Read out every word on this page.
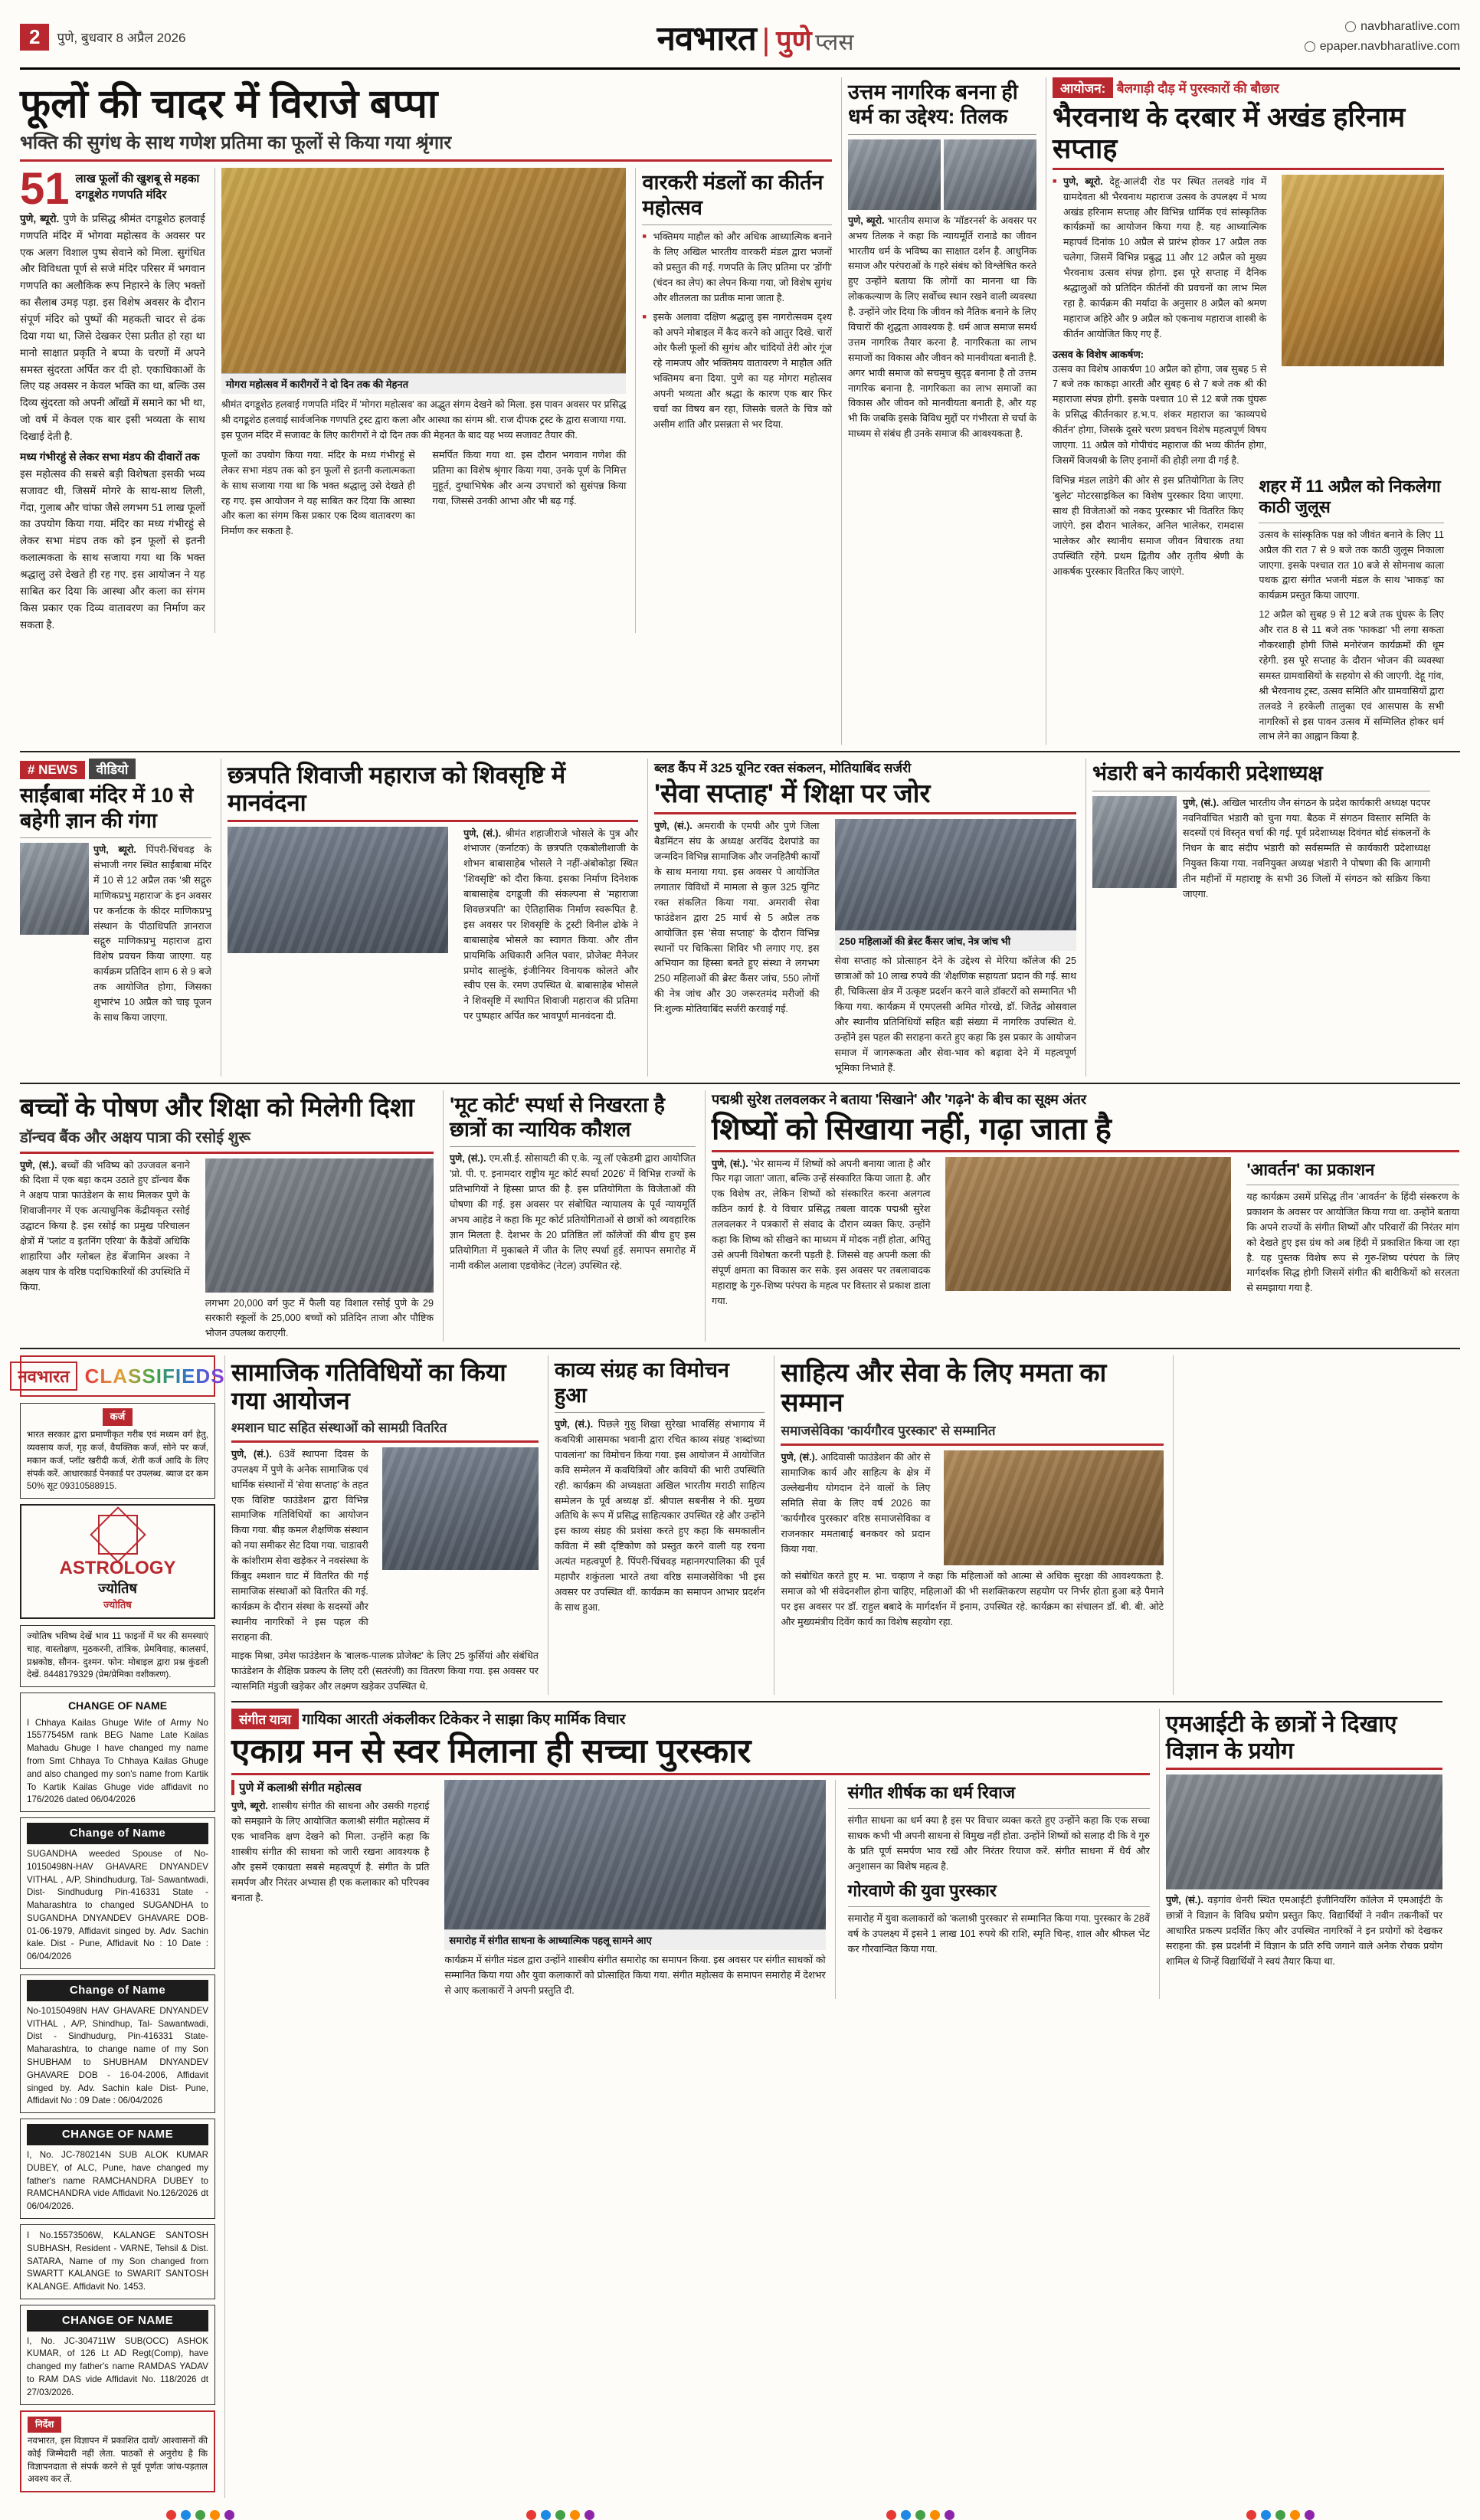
2	पुणे, बुधवार 8 अप्रैल 2026	नवभारत | पुणे प्लस
navbharatlive.com
epaper.navbharatlive.com
फूलों की चादर में विराजे बप्पा
भक्ति की सुगंध के साथ गणेश प्रतिमा का फूलों से किया गया श्रृंगार
51 लाख फूलों की खुशबू से महका दगडूशेठ गणपति मंदिर
पुणे, ब्यूरो. पुणे के प्रसिद्ध श्रीमंत दगडूशेठ हलवाई गणपति मंदिर में भोगवा महोत्सव के अवसर पर एक अलग विशाल पुष्प सेवाने को मिला. सुगंधित और विविधता पूर्ण से सजे मंदिर परिसर में भगवान गणपति का अलौकिक रूप निहारने के लिए भक्तों का सैलाब उमड़ पड़ा. इस विशेष अवसर के दौरान संपूर्ण मंदिर को पुष्पों की महकती चादर से ढंक दिया गया था, जिसे देखकर ऐसा प्रतीत हो रहा था मानो साक्षात प्रकृति ने बप्पा के चरणों में अपने समस्त सुंदरता अर्पित कर दी हो. एकाधिकाओं के लिए यह अवसर न केवल भक्ति का था, बल्कि उस दिव्य सुंदरता को अपनी आँखों में समाने का भी था, जो वर्ष में केवल एक बार इसी भव्यता के साथ दिखाई देती है.
मध्य गंभीरहुं से लेकर सभा मंडप की दीवारों तक
इस महोत्सव की सबसे बड़ी विशेषता इसकी भव्य सजावट थी, जिसमें मोगरे के साथ-साथ लिली, गेंदा, गुलाब और चांफा जैसे लगभग 51 लाख फूलों का उपयोग किया गया. मंदिर का मध्य गंभीरहुं से लेकर सभा मंडप तक को इन फूलों से इतनी कलात्मकता के साथ सजाया गया था कि भक्त श्रद्धालु उसे देखते ही रह गए. इस आयोजन ने यह साबित कर दिया कि आस्था और कला का संगम किस प्रकार एक दिव्य वातावरण का निर्माण कर सकता है.
मोगरा महोत्सव में कारीगरों ने दो दिन तक की मेहनत
श्रीमंत दगडूशेठ हलवाई गणपति मंदिर में 'मोगरा महोत्सव' का अद्भुत संगम देखने को मिला. इस पावन अवसर पर प्रसिद्ध श्री दगडूशेठ हलवाई सार्वजनिक गणपति ट्रस्ट द्वारा कला और आस्था का संगम श्री. राज दीपक ट्रस्ट के द्वारा सजाया गया. इस पूजन मंदिर में सजावट के लिए कारीगरों ने दो दिन तक की मेहनत के बाद यह भव्य सजावट तैयार की.
फूलों का उपयोग किया गया. मंदिर के मध्य गंभीरहुं से लेकर सभा मंडप तक को इन फूलों से इतनी कलात्मकता के साथ सजाया गया था कि भक्त श्रद्धालु उसे देखते ही रह गए. इस आयोजन ने यह साबित कर दिया कि आस्था और कला का संगम किस प्रकार एक दिव्य वातावरण का निर्माण कर सकता है.
समर्पित किया गया था. इस दौरान भगवान गणेश की प्रतिमा का विशेष श्रृंगार किया गया, उनके पूर्ण के निमित्त मुहूर्त, दुग्धाभिषेक और अन्य उपचारों को सुसंपन्न किया गया, जिससे उनकी आभा और भी बढ़ गई.
वारकरी मंडलों का कीर्तन महोत्सव
■ भक्तिमय माहौल को और अधिक आध्यात्मिक बनाने के लिए अखिल भारतीय वारकरी मंडल द्वारा भजनों को प्रस्तुत की गई. गणपति के लिए प्रतिमा पर 'डोंगी' (चंदन का लेप) का लेपन किया गया, जो विशेष सुगंध और शीतलता का प्रतीक माना जाता है.
■ इसके अलावा दक्षिण श्रद्धालु इस नागरोत्सवम दृश्य को अपने मोबाइल में कैद करने को आतुर दिखे. चारों ओर फैली फूलों की सुगंध और चांदियों तेरी ओर गूंज रहे नामजप और भक्तिमय वातावरण ने माहौल अति भक्तिमय बना दिया. पुणे का यह मोगरा महोत्सव अपनी भव्यता और श्रद्धा के कारण एक बार फिर चर्चा का विषय बन रहा, जिसके चलते के चित्र को असीम शांति और प्रसन्नता से भर दिया.
उत्तम नागरिक बनना ही धर्म का उद्देश्य: तिलक
पुणे, ब्यूरो. भारतीय समाज के 'मॉडरनर्स' के अवसर पर अभय तिलक ने कहा कि न्यायमूर्ति रानाडे का जीवन भारतीय धर्म के भविष्य का साक्षात दर्शन है. आधुनिक समाज और परंपराओं के गहरे संबंध को विश्लेषित करते हुए उन्होंने बताया कि लोगों का मानना था कि लोककल्याण के लिए सर्वोच्च स्थान रखने वाली व्यवस्था है. उन्होंने जोर दिया कि जीवन को नैतिक बनाने के लिए विचारों की शुद्धता आवश्यक है. धर्म आज समाज समर्थ उत्तम नागरिक तैयार करना है. नागरिकता का लाभ समाजों का विकास और जीवन को मानवीयता बनाती है. अगर भावी समाज को सचमुच सुदृढ़ बनाना है तो उत्तम नागरिक बनाना है. नागरिकता का लाभ समाजों का विकास और जीवन को मानवीयता बनाती है, और यह भी कि जबकि इसके विविध मुद्दों पर गंभीरता से चर्चा के माध्यम से संबंध ही उनके समाज की आवश्यकता है.
आयोजन: बैलगाड़ी दौड़ में पुरस्कारों की बौछार
भैरवनाथ के दरबार में अखंड हरिनाम सप्ताह
■ पुणे, ब्यूरो. देहू-आलंदी रोड पर स्थित तलवडे गांव में ग्रामदेवता श्री भैरवनाथ महाराज उत्सव के उपलक्ष्य में भव्य अखंड हरिनाम सप्ताह और विभिन्न धार्मिक एवं सांस्कृतिक कार्यक्रमों का आयोजन किया गया है. यह आध्यात्मिक महापर्व दिनांक 10 अप्रैल से प्रारंभ होकर 17 अप्रैल तक चलेगा, जिसमें विभिन्न प्रबुद्ध 11 और 12 अप्रैल को मुख्य भैरवनाथ उत्सव संपन्न होगा. इस पूरे सप्ताह में दैनिक श्रद्धालुओं को प्रतिदिन कीर्तनों की प्रवचनों का लाभ मिल रहा है. कार्यक्रम की मर्यादा के अनुसार 8 अप्रैल को श्रमण महाराज अहिरे और 9 अप्रैल को एकनाथ महाराज शास्त्री के कीर्तन आयोजित किए गए हैं.
उत्सव के विशेष आकर्षण:
उत्सव का विशेष आकर्षण 10 अप्रैल को होगा, जब सुबह 5 से 7 बजे तक काकड़ा आरती और सुबह 6 से 7 बजे तक श्री की महाराजा संपन्न होगी. इसके पश्चात 10 से 12 बजे तक घुंघरू के प्रसिद्ध कीर्तनकार ह.भ.प. शंकर महाराज का 'काव्यपथे कीर्तन' होगा, जिसके दूसरे चरण प्रवचन विशेष महत्वपूर्ण विषय जाएगा. 11 अप्रैल को गोपीचंद महाराज की भव्य कीर्तन होगा, जिसमें विजयश्री के लिए इनामों की होड़ी लगा दी गई है.
विभिन्न मंडल लाडेगे की ओर से इस प्रतियोगिता के लिए 'बुलेट' मोटरसाइकिल का विशेष पुरस्कार दिया जाएगा. साथ ही विजेताओं को नकद पुरस्कार भी वितरित किए जाएंगे. इस दौरान भालेकर, अनिल भालेकर, रामदास भालेकर और स्थानीय समाज जीवन विचारक तथा उपस्थिति रहेंगे. प्रथम द्वितीय और तृतीय श्रेणी के आकर्षक पुरस्कार वितरित किए जाएंगे.
शहर में 11 अप्रैल को निकलेगा काठी जुलूस
उत्सव के सांस्कृतिक पक्ष को जीवंत बनाने के लिए 11 अप्रैल की रात 7 से 9 बजे तक काठी जुलूस निकाला जाएगा. इसके पश्चात रात 10 बजे से सोमनाथ काला पथक द्वारा संगीत भजनी मंडल के साथ 'भाकड़' का कार्यक्रम प्रस्तुत किया जाएगा.
12 अप्रैल को सुबह 9 से 12 बजे तक घुंघरू के लिए और रात 8 से 11 बजे तक 'फाकडा' भी लगा सकता नौकरशाही होगी जिसे मनोरंजन कार्यक्रमों की धूम रहेगी. इस पूरे सप्ताह के दौरान भोजन की व्यवस्था समस्त ग्रामवासियों के सहयोग से की जाएगी. देहू गांव, श्री भैरवनाथ ट्रस्ट, उत्सव समिति और ग्रामवासियों द्वारा तलवडे ने हरकेली तालुका एवं आसपास के सभी नागरिकों से इस पावन उत्सव में सम्मिलित होकर धर्म लाभ लेने का आह्वान किया है.
# NEWS वीडियो
साईंबाबा मंदिर में 10 से बहेगी ज्ञान की गंगा
पुणे, ब्यूरो. पिंपरी-चिंचवड़ के संभाजी नगर स्थित साईंबाबा मंदिर में 10 से 12 अप्रैल तक 'श्री सद्गुरु माणिकप्रभु महाराज' के इन अवसर पर कर्नाटक के कीदर माणिकप्रभु संस्थान के पीठाधिपति ज्ञानराज सद्गुरु माणिकप्रभु महाराज द्वारा विशेष प्रवचन किया जाएगा. यह कार्यक्रम प्रतिदिन शाम 6 से 9 बजे तक आयोजित होगा, जिसका शुभारंभ 10 अप्रैल को चाइ पूजन के साथ किया जाएगा.
छत्रपति शिवाजी महाराज को शिवसृष्टि में मानवंदना
पुणे, (सं.). श्रीमंत शहाजीराजे भोसले के पुत्र और शंभाजर (कर्नाटक) के छत्रपति एकबोलीशाजी के शोभन बाबासाहेब भोसले ने नहीं-अंबोकोड़ा स्थित 'शिवसृष्टि' को दौरा किया. इसका निर्माण दिनेशक बाबासाहेब दगडूजी की संकल्पना से 'महाराजा शिवछत्रपति' का ऐतिहासिक निर्माण स्वरूपित है. इस अवसर पर शिवसृष्टि के ट्रस्टी विनील ढोके ने बाबासाहेब भोसले का स्वागत किया. और तीन प्रायमिकि अधिकारी अनिल पवार, प्रोजेक्ट मैनेजर प्रमोद साल्हुंके, इंजीनियर विनायक कोलते और स्वीप एस के. रमण उपस्थित थे. बाबासाहेब भोसले ने शिवसृष्टि में स्थापित शिवाजी महाराज की प्रतिमा पर पुष्पहार अर्पित कर भावपूर्ण मानवंदना दी.
ब्लड कैंप में 325 यूनिट रक्त संकलन, मोतियाबिंद सर्जरी
'सेवा सप्ताह' में शिक्षा पर जोर
पुणे, (सं.). अमरावी के एमपी और पुणे जिला बैडमिंटन संघ के अध्यक्ष अरविंद देशपांडे का जन्मदिन विभिन्न सामाजिक और जनहितैषी कार्यों के साथ मनाया गया. इस अवसर पे आयोजित लगातार विविधों में मामला से कुल 325 यूनिट रक्त संकलित किया गया. अमरावी सेवा फाउंडेशन द्वारा 25 मार्च से 5 अप्रैल तक आयोजित इस 'सेवा सप्ताह' के दौरान विभिन्न स्थानों पर चिकित्सा शिविर भी लगाए गए. इस अभियान का हिस्सा बनते हुए संस्था ने लगभग 250 महिलाओं की ब्रेस्ट कैंसर जांच, 550 लोगों की नेत्र जांच और 30 जरूरतमंद मरीजों की नि:शुल्क मोतियाबिंद सर्जरी करवाई गई.
250 महिलाओं की ब्रेस्ट कैंसर जांच, नेत्र जांच भी
सेवा सप्ताह को प्रोत्साहन देने के उद्देश्य से मेरिया कॉलेज की 25 छात्राओं को 10 लाख रुपये की 'शैक्षणिक सहायता' प्रदान की गई. साथ ही, चिकित्सा क्षेत्र में उत्कृष्ट प्रदर्शन करने वाले डॉक्टरों को सम्मानित भी किया गया. कार्यक्रम में एमएलसी अमित गोरखे, डॉ. जितेंद्र ओसवाल और स्थानीय प्रतिनिधियों सहित बड़ी संख्या में नागरिक उपस्थित थे. उन्होंने इस पहल की सराहना करते हुए कहा कि इस प्रकार के आयोजन समाज में जागरूकता और सेवा-भाव को बढ़ावा देने में महत्वपूर्ण भूमिका निभाते हैं.
भंडारी बने कार्यकारी प्रदेशाध्यक्ष
पुणे, (सं.). अखिल भारतीय जैन संगठन के प्रदेश कार्यकारी अध्यक्ष पदपर नवनिर्वाचित भंडारी को चुना गया. बैठक में संगठन विस्तार समिति के सदस्यों एवं विस्तृत चर्चा की गई. पूर्व प्रदेशाध्यक्ष दिवंगत बोर्ड संकलनों के निधन के बाद संदीप भंडारी को सर्वसम्मति से कार्यकारी प्रदेशाध्यक्ष नियुक्त किया गया. नवनियुक्त अध्यक्ष भंडारी ने पोषणा की कि आगामी तीन महीनों में महाराष्ट्र के सभी 36 जिलों में संगठन को सक्रिय किया जाएगा.
बच्चों के पोषण और शिक्षा को मिलेगी दिशा
डॉन्चव बैंक और अक्षय पात्रा की रसोई शुरू
पुणे, (सं.). बच्चों की भविष्य को उज्जवल बनाने की दिशा में एक बड़ा कदम उठाते हुए डॉन्चव बैंक ने अक्षय पात्रा फाउंडेशन के साथ मिलकर पुणे के शिवाजीनगर में एक अत्याधुनिक केंद्रीयकृत रसोई उद्घाटन किया है. इस रसोई का प्रमुख परिचालन क्षेत्रों में 'प्लांट व इतनिंग एरिया' के कैंडेवों अधिकि शाहारिया और ग्लोबल हेड बेंजामिन अश्का ने अक्षय पात्र के वरिष्ठ पदाधिकारियों की उपस्थिति में किया.
लगभग 20,000 वर्ग फुट में फैली यह विशाल रसोई पुणे के 29 सरकारी स्कूलों के 25,000 बच्चों को प्रतिदिन ताजा और पौष्टिक भोजन उपलब्ध कराएगी.
'मूट कोर्ट' स्पर्धा से निखरता है छात्रों का न्यायिक कौशल
पुणे, (सं.). एम.सी.ई. सोसायटी की ए.के. न्यू लॉ एकेडमी द्वारा आयोजित 'प्रो. पी. ए. इनामदार राष्ट्रीय मूट कोर्ट स्पर्धा 2026' में विभिन्न राज्यों के प्रतिभागियों ने हिस्सा प्राप्त की है. इस प्रतियोगिता के विजेताओं की घोषणा की गई. इस अवसर पर संबोधित न्यायालय के पूर्व न्यायमूर्ति अभय आहेड ने कहा कि मूट कोर्ट प्रतियोगिताओं से छात्रों को व्यवहारिक ज्ञान मिलता है. देशभर के 20 प्रतिष्ठित लॉ कॉलेजों की बीच हुए इस प्रतियोगिता में मुकाबले में जीत के लिए स्पर्धा हुई. समापन समारोह में नामी वकील अलावा एडवोकेट (नेटल) उपस्थित रहे.
पद्मश्री सुरेश तलवलकर ने बताया 'सिखाने' और 'गढ़ने' के बीच का सूक्ष्म अंतर
शिष्यों को सिखाया नहीं, गढ़ा जाता है
पुणे, (सं.). 'भेर सामन्य में शिष्यों को अपनी बनाया जाता है और फिर गढ़ा जाता' जाता, बल्कि उन्हें संस्कारित किया जाता है. और एक विशेष तर, लेकिन शिष्यों को संस्कारित करना अलगत्व कठिन कार्य है. ये विचार प्रसिद्ध तबला वादक पद्मश्री सुरेश तलवलकर ने पत्रकारों से संवाद के दौरान व्यक्त किए. उन्होंने कहा कि शिष्य को सीखने का माध्यम में मोदक नहीं होता, अपितु उसे अपनी विशेषता करनी पड़ती है. जिससे वह अपनी कला की संपूर्ण क्षमता का विकास कर सके. इस अवसर पर तबलावादक महाराष्ट्र के गुरु-शिष्य परंपरा के महत्व पर विस्तार से प्रकाश डाला गया.
'आवर्तन' का प्रकाशन
यह कार्यक्रम उसमें प्रसिद्ध तीन 'आवर्तन' के हिंदी संस्करण के प्रकाशन के अवसर पर आयोजित किया गया था. उन्होंने बताया कि अपने राज्यों के संगीत शिष्यों और परिवारों की निरंतर मांग को देखते हुए इस ग्रंथ को अब हिंदी में प्रकाशित किया जा रहा है. यह पुस्तक विशेष रूप से गुरु-शिष्य परंपरा के लिए मार्गदर्शक सिद्ध होगी जिसमें संगीत की बारीकियों को सरलता से समझाया गया है.
नवभारत CLASSIFIEDS
कर्ज
भारत सरकार द्वारा प्रमाणीकृत गरीब एवं मध्यम वर्ग हेतु, व्यवसाय कर्ज, गृह कर्ज, वैयक्तिक कर्ज, सोने पर कर्ज, मकान कर्ज, प्लॉट खरीदी कर्ज, शेती कर्ज आदि के लिए संपर्क करें. आधारकार्ड पेनकार्ड पर उपलब्ध. ब्याज दर कम 50% सूट 09310588915.
ASTROLOGY
ज्योतिष
ज्योतिष
ज्योतिष भविष्य देखें भाव 11 फाइनों में घर की समस्याएं चाह, वास्तोक्षण, मुठकरनी, तांत्रिक, प्रेमविवाह, कालसर्प, प्रश्नकोष्ठ, सौनन- दुश्मन. फोन: मोबाइल द्वारा प्रश्न कुंडली देखें. 8448179329 (प्रेम/प्रेमिका वशीकरण).
CHANGE OF NAME
I Chhaya Kailas Ghuge Wife of Army No 15577545M rank BEG Name Late Kailas Mahadu Ghuge I have changed my name from Smt Chhaya To Chhaya Kailas Ghuge and also changed my son's name from Kartik To Kartik Kailas Ghuge vide affidavit no 176/2026 dated 06/04/2026
Change of Name
SUGANDHA weeded Spouse of No-10150498N-HAV GHAVARE DNYANDEV VITHAL , A/P, Shindhudurg, Tal- Sawantwadi, Dist- Sindhudurg Pin-416331 State - Maharashtra to changed SUGANDHA to SUGANDHA DNYANDEV GHAVARE DOB-01-06-1979, Affidavit singed by. Adv. Sachin kale. Dist - Pune, Affidavit No : 10 Date : 06/04/2026
Change of Name
No-10150498N HAV GHAVARE DNYANDEV VITHAL , A/P, Shindhup, Tal- Sawantwadi, Dist - Sindhudurg, Pin-416331 State- Maharashtra, to change name of my Son SHUBHAM to SHUBHAM DNYANDEV GHAVARE DOB - 16-04-2006, Affidavit singed by. Adv. Sachin kale Dist- Pune, Affidavit No : 09 Date : 06/04/2026
CHANGE OF NAME
I, No. JC-780214N SUB ALOK KUMAR DUBEY, of ALC, Pune, have changed my father's name RAMCHANDRA DUBEY to RAMCHANDRA vide Affidavit No.126/2026 dt 06/04/2026.
I No.15573506W, KALANGE SANTOSH SUBHASH, Resident - VARNE, Tehsil & Dist. SATARA, Name of my Son changed from SWARTT KALANGE to SWARIT SANTOSH KALANGE. Affidavit No. 1453.
CHANGE OF NAME
I, No. JC-304711W SUB(OCC) ASHOK KUMAR, of 126 Lt AD Regt(Comp), have changed my father's name RAMDAS YADAV to RAM DAS vide Affidavit No. 118/2026 dt 27/03/2026.
निर्देश
नवभारत, इस विज्ञापन में प्रकाशित दावों/ आश्वासनों की कोई जिम्मेदारी नहीं लेता. पाठकों से अनुरोध है कि विज्ञापनदाता से संपर्क करने से पूर्व पूर्णतः जांच-पड़ताल अवश्य कर लें.
सामाजिक गतिविधियों का किया गया आयोजन
श्मशान घाट सहित संस्थाओं को सामग्री वितरित
पुणे, (सं.). 63वें स्थापना दिवस के उपलक्ष्य में पुणे के अनेक सामाजिक एवं धार्मिक संस्थानों में 'सेवा सप्ताह' के तहत एक विशिष्ट फाउंडेशन द्वारा विभिन्न सामाजिक गतिविधियों का आयोजन किया गया. बीड़ कमल शैक्षणिक संस्थान को नया समीकर सेट दिया गया. चाडावरी के कांशीराम सेवा खड़ेकर ने नवसंस्था के किंबुद श्मशान घाट में वितरित की गई सामाजिक संस्थाओं को वितरित की गई. कार्यक्रम के दौरान संस्था के सदस्यों और स्थानीय नागरिकों ने इस पहल की सराहना की.
माइक मिश्रा, उमेश फाउंडेशन के 'बालक-पालक प्रोजेक्ट' के लिए 25 कुर्सियां और संबंधित फाउंडेशन के शैक्षिक प्रकल्प के लिए दरी (सतरंजी) का वितरण किया गया. इस अवसर पर न्यासमिति मंडुजी खड़ेकर और लक्ष्मण खड़ेकर उपस्थित थे.
काव्य संग्रह का विमोचन हुआ
पुणे, (सं.). पिछले गुरुु शिखा सुरेखा भावसिंह संभागाय में कवयित्री आसमका भवानी द्वारा रचित काव्य संग्रह 'शब्दांच्या पावलांना' का विमोचन किया गया. इस आयोजन में आयोजित कवि सम्मेलन में कवयित्रियों और कवियों की भारी उपस्थिति रही. कार्यक्रम की अध्यक्षता अखिल भारतीय मराठी साहित्य सम्मेलन के पूर्व अध्यक्ष डॉ. श्रीपाल सबनीस ने की. मुख्य अतिथि के रूप में प्रसिद्ध साहित्यकार उपस्थित रहे और उन्होंने इस काव्य संग्रह की प्रशंसा करते हुए कहा कि समकालीन कविता में स्त्री दृष्टिकोण को प्रस्तुत करने वाली यह रचना अत्यंत महत्वपूर्ण है. पिंपरी-चिंचवड़ महानगरपालिका की पूर्व महापौर शकुंतला भारते तथा वरिष्ठ समाजसेविका भी इस अवसर पर उपस्थित थीं. कार्यक्रम का समापन आभार प्रदर्शन के साथ हुआ.
साहित्य और सेवा के लिए ममता का सम्मान
समाजसेविका 'कार्यगौरव पुरस्कार' से सम्मानित
पुणे, (सं.). आदिवासी फाउंडेशन की ओर से सामाजिक कार्य और साहित्य के क्षेत्र में उल्लेखनीय योगदान देने वालों के लिए समिति सेवा के लिए वर्ष 2026 का 'कार्यगौरव पुरस्कार' वरिष्ठ समाजसेविका व राजनकार ममताबाई बनकवर को प्रदान किया गया.
को संबोधित करते हुए म. भा. चव्हाण ने कहा कि महिलाओं को आत्मा से अधिक सुरक्षा की आवश्यकता है. समाज को भी संवेदनशील होना चाहिए, महिलाओं की भी सशक्तिकरण सहयोग पर निर्भर होता हुआ बड़े पैमाने पर इस अवसर पर डॉ. राहुल बबादे के मार्गदर्शन में इनाम, उपस्थित रहे. कार्यक्रम का संचालन डॉ. बी. बी. ओटे और मुख्यमंत्रीय दिवेंग कार्य का विशेष सहयोग रहा.
संगीत यात्रा गायिका आरती अंकलीकर टिकेकर ने साझा किए मार्मिक विचार
एकाग्र मन से स्वर मिलाना ही सच्चा पुरस्कार
पुणे में कलाश्री संगीत महोत्सव
पुणे, ब्यूरो. शास्त्रीय संगीत की साधना और उसकी गहराई को समझाने के लिए आयोजित कलाश्री संगीत महोत्सव में एक भावनिक क्षण देखने को मिला. उन्होंने कहा कि शास्त्रीय संगीत की साधना को जारी रखना आवश्यक है और इसमें एकाग्रता सबसे महत्वपूर्ण है. संगीत के प्रति समर्पण और निरंतर अभ्यास ही एक कलाकार को परिपक्व बनाता है.
समारोह में संगीत साधना के आध्यात्मिक पहलू सामने आए
कार्यक्रम में संगीत मंडल द्वारा उन्होंने शास्त्रीय संगीत समारोह का समापन किया. इस अवसर पर संगीत साधकों को सम्मानित किया गया और युवा कलाकारों को प्रोत्साहित किया गया. संगीत महोत्सव के समापन समारोह में देशभर से आए कलाकारों ने अपनी प्रस्तुति दी.
संगीत शीर्षक का धर्म रिवाज
संगीत साधना का धर्म क्या है इस पर विचार व्यक्त करते हुए उन्होंने कहा कि एक सच्चा साधक कभी भी अपनी साधना से विमुख नहीं होता. उन्होंने शिष्यों को सलाह दी कि वे गुरु के प्रति पूर्ण समर्पण भाव रखें और निरंतर रियाज करें. संगीत साधना में धैर्य और अनुशासन का विशेष महत्व है.
गोरवाणे की युवा पुरस्कार
समारोह में युवा कलाकारों को 'कलाश्री पुरस्कार' से सम्मानित किया गया. पुरस्कार के 28वें वर्ष के उपलक्ष्य में इसने 1 लाख 101 रुपये की राशि, स्मृति चिन्ह, शाल और श्रीफल भेंट कर गौरवान्वित किया गया.
एमआईटी के छात्रों ने दिखाए विज्ञान के प्रयोग
पुणे, (सं.). वड़गांव धेनरी स्थित एमआईटी इंजीनियरिंग कॉलेज में एमआईटी के छात्रों ने विज्ञान के विविध प्रयोग प्रस्तुत किए. विद्यार्थियों ने नवीन तकनीकों पर आधारित प्रकल्प प्रदर्शित किए और उपस्थित नागरिकों ने इन प्रयोगों को देखकर सराहना की. इस प्रदर्शनी में विज्ञान के प्रति रुचि जगाने वाले अनेक रोचक प्रयोग शामिल थे जिन्हें विद्यार्थियों ने स्वयं तैयार किया था.
